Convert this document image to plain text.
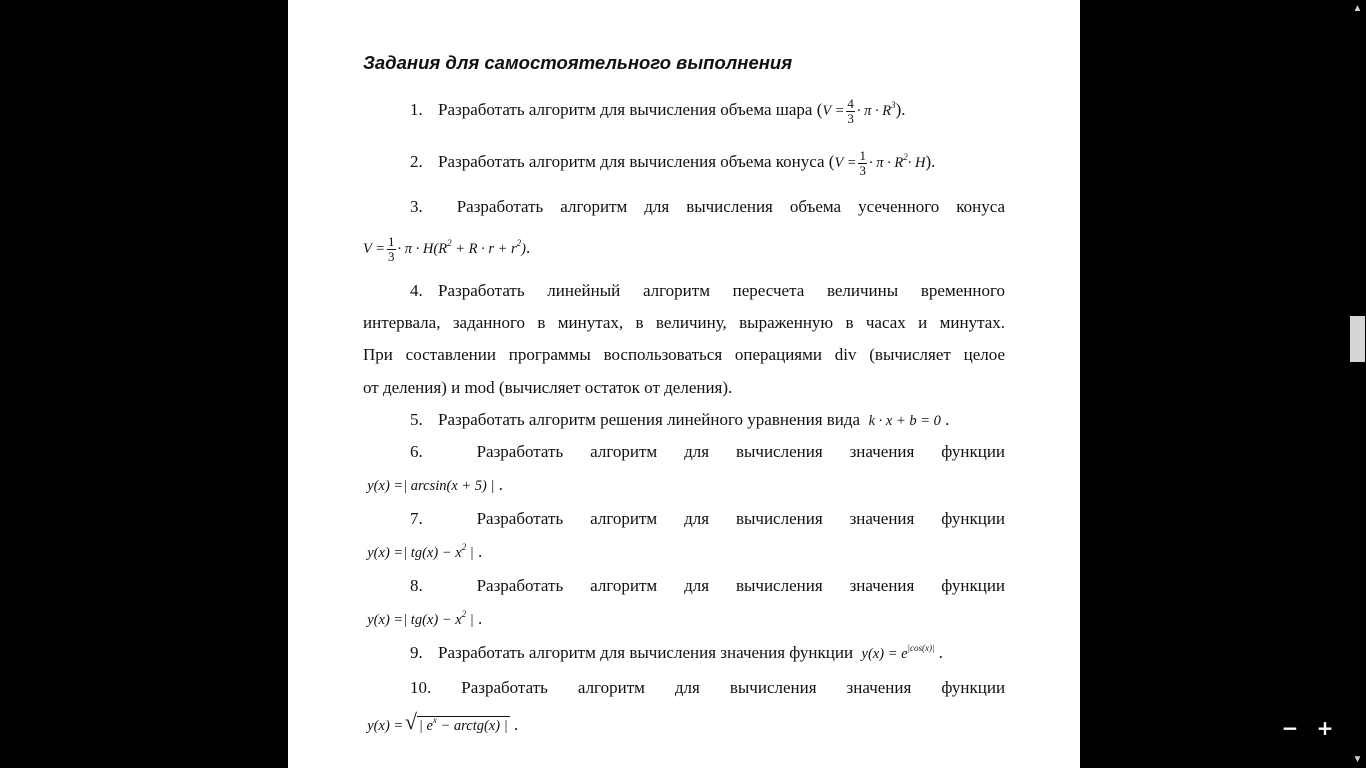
Задания для самостоятельного выполнения
1. Разработать алгоритм для вычисления объема шара $(V = \frac{4}{3} \cdot \pi \cdot R^3)$.
2. Разработать алгоритм для вычисления объема конуса $(V = \frac{1}{3} \cdot \pi \cdot R^2\cdot H)$.
3. Разработать алгоритм для вычисления объема усеченного конуса
$V = \frac{1}{3} \cdot \pi \cdot H(R^2 + R \cdot r + r^2)$.
4. Разработать линейный алгоритм пересчета величины временного
интервала, заданного в минутах, в величину, выраженную в часах и минутах.
При составлении программы воспользоваться операциями div (вычисляет целое
от деления) и mod (вычисляет остаток от деления).
5. Разработать алгоритм решения линейного уравнения вида k · x + b = 0 .
6.	Разработать алгоритм для вычисления значения функции
y(x) =| arcsin(x + 5) | .
7.	Разработать алгоритм для вычисления значения функции
y(x) =| $tg(x) - x^2$ | .
8.	Разработать алгоритм для вычисления значения функции
y(x) =| $tg(x) - x^2$ | .
9. Разработать алгоритм для вычисления значения функции $y(x) = e^{|cos(x)|}$ .
10. Разработать алгоритм для вычисления значения функции
y(x) = √ | $e^x$ − arctg(x) | .
▲
▼
− +
